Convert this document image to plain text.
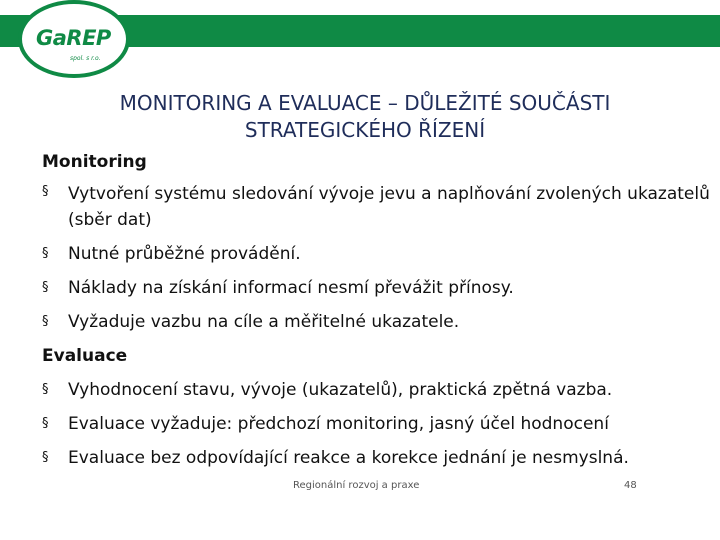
GaREP
spol. s r.o.
MONITORING A EVALUACE – DŮLEŽITÉ SOUČÁSTI
STRATEGICKÉHO ŘÍZENÍ
Monitoring
§	Vytvoření systému sledování vývoje jevu a naplňování zvolených ukazatelů (sběr dat)
§	Nutné průběžné provádění.
§	Náklady na získání informací nesmí převážit přínosy.
§	Vyžaduje vazbu na cíle a měřitelné ukazatele.
Evaluace
§	Vyhodnocení stavu, vývoje (ukazatelů), praktická zpětná vazba.
§	Evaluace vyžaduje: předchozí monitoring, jasný účel hodnocení
§	Evaluace bez odpovídající reakce a korekce jednání je nesmyslná.
Regionální rozvoj a praxe	48
